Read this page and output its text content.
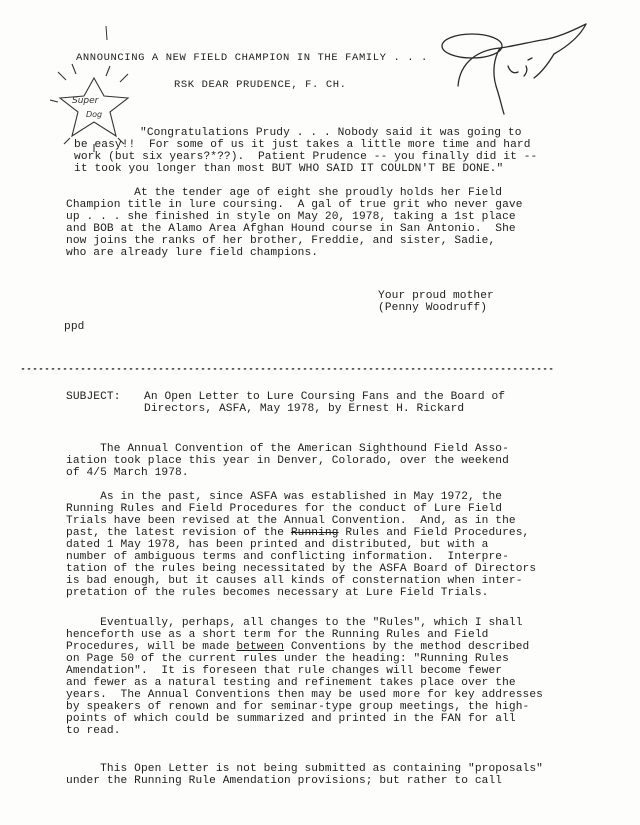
ANNOUNCING A NEW FIELD CHAMPION IN THE FAMILY . . .
RSK DEAR PRUDENCE, F. CH.
Super
Dog
"Congratulations Prudy . . . Nobody said it was going to
be easy!!  For some of us it just takes a little more time and hard
work (but six years?*??).  Patient Prudence -- you finally did it --
it took you longer than most BUT WHO SAID IT COULDN'T BE DONE."
At the tender age of eight she proudly holds her Field
Champion title in lure coursing.  A gal of true grit who never gave
up . . . she finished in style on May 20, 1978, taking a 1st place
and BOB at the Alamo Area Afghan Hound course in San Antonio.  She
now joins the ranks of her brother, Freddie, and sister, Sadie,
who are already lure field champions.
Your proud mother
(Penny Woodruff)
ppd
*****************************************************************************************
SUBJECT: An Open Letter to Lure Coursing Fans and the Board of
Directors, ASFA, May 1978, by Ernest H. Rickard
The Annual Convention of the American Sighthound Field Asso-
iation took place this year in Denver, Colorado, over the weekend
of 4/5 March 1978.
As in the past, since ASFA was established in May 1972, the
Running Rules and Field Procedures for the conduct of Lure Field
Trials have been revised at the Annual Convention.  And, as in the
past, the latest revision of the Running Rules and Field Procedures,
dated 1 May 1978, has been printed and distributed, but with a
number of ambiguous terms and conflicting information.  Interpre-
tation of the rules being necessitated by the ASFA Board of Directors
is bad enough, but it causes all kinds of consternation when inter-
pretation of the rules becomes necessary at Lure Field Trials.
Eventually, perhaps, all changes to the "Rules", which I shall
henceforth use as a short term for the Running Rules and Field
Procedures, will be made between Conventions by the method described
on Page 50 of the current rules under the heading: "Running Rules
Amendation".  It is foreseen that rule changes will become fewer
and fewer as a natural testing and refinement takes place over the
years.  The Annual Conventions then may be used more for key addresses
by speakers of renown and for seminar-type group meetings, the high-
points of which could be summarized and printed in the FAN for all
to read.
This Open Letter is not being submitted as containing "proposals"
under the Running Rule Amendation provisions; but rather to call
